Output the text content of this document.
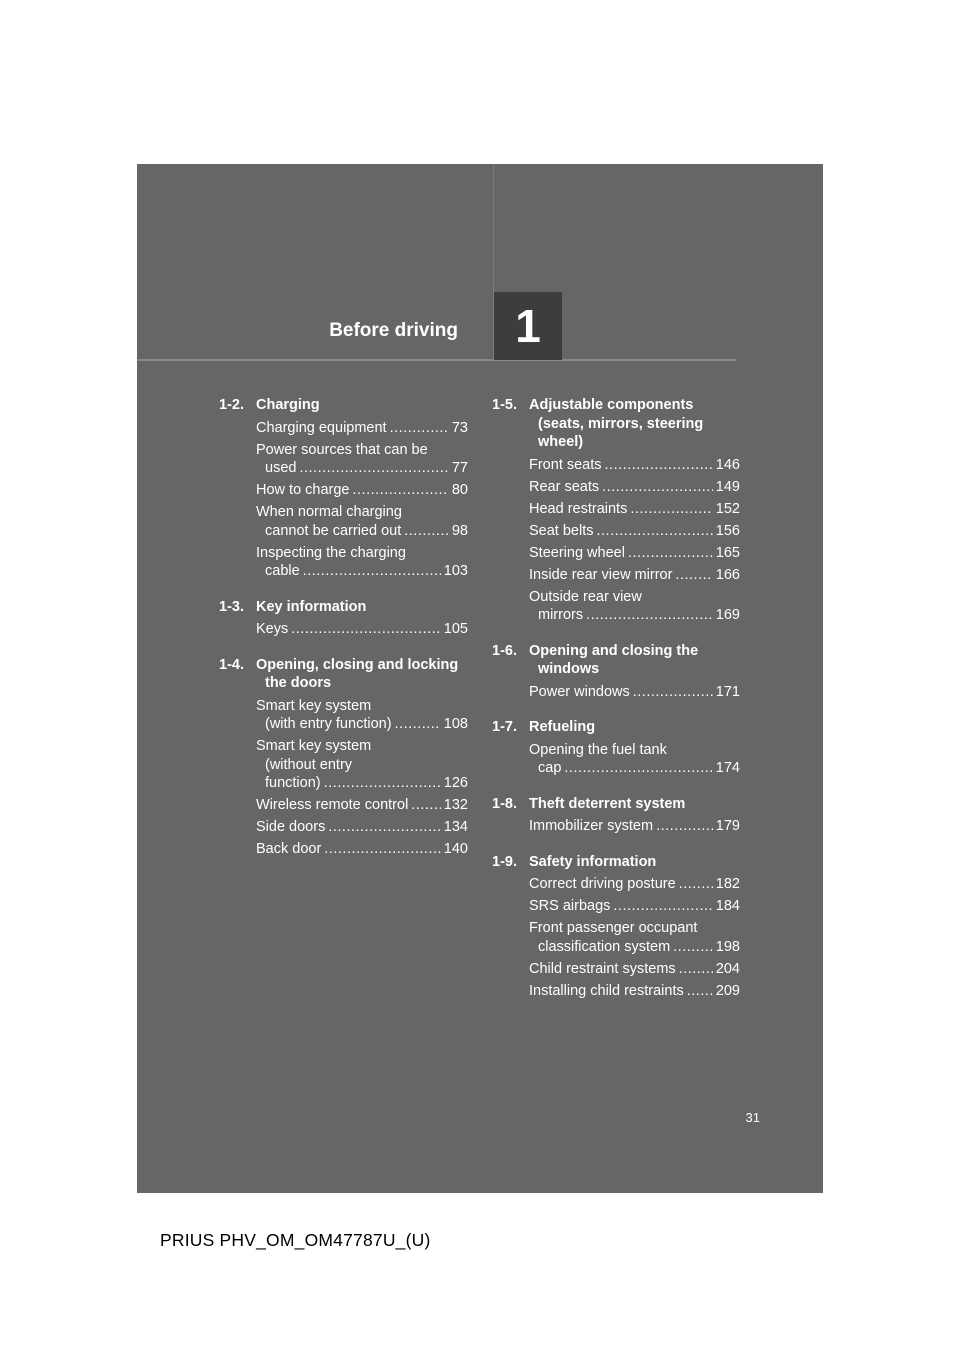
Before driving	1
1-2. Charging
Charging equipment .....	73
Power sources that can be
used .....	77
How to charge .....	80
When normal charging
cannot be carried out .....	98
Inspecting the charging
cable .....	103
1-3. Key information
Keys .....	105
1-4. Opening, closing and locking
the doors
Smart key system
(with entry function) .....	108
Smart key system
(without entry
function) .....	126
Wireless remote control ..... 132
Side doors .....	134
Back door .....	140
1-5. Adjustable components
(seats, mirrors, steering
wheel)
Front seats .....	146
Rear seats .....	149
Head restraints .....	152
Seat belts .....	156
Steering wheel .....	165
Inside rear view mirror .....	166
Outside rear view
mirrors .....	169
1-6. Opening and closing the
windows
Power windows .....	171
1-7. Refueling
Opening the fuel tank
cap .....	174
1-8. Theft deterrent system
Immobilizer system .....	179
1-9. Safety information
Correct driving posture .....	182
SRS airbags .....	184
Front passenger occupant
classification system .....	198
Child restraint systems .....	204
Installing child restraints ..... 209
31
PRIUS PHV_OM_OM47787U_(U)
